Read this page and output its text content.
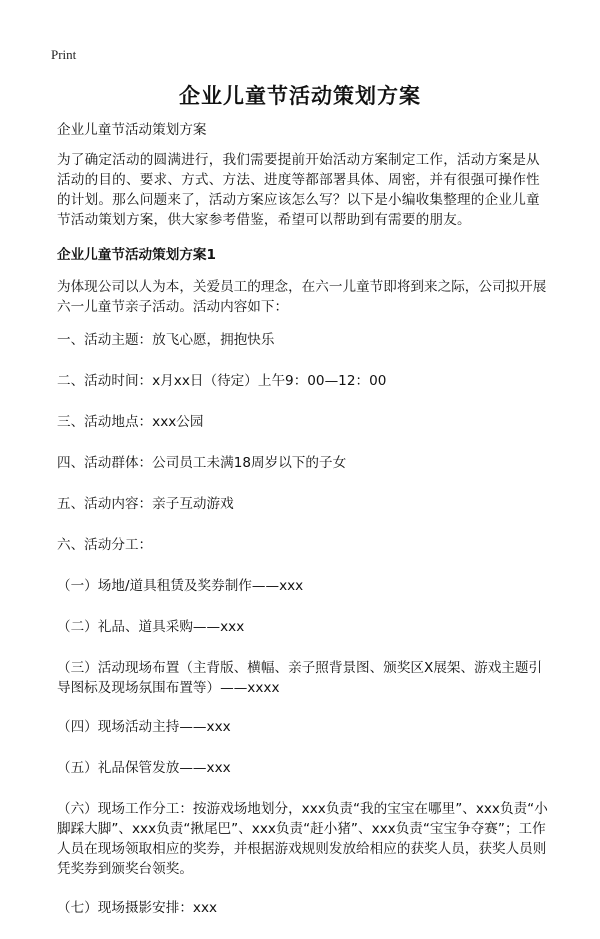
Print
企业儿童节活动策划方案

企业儿童节活动策划方案

为了确定活动的圆满进行，我们需要提前开始活动方案制定工作，活动方案是从活动的目的、要求、方式、方法、进度等都部署具体、周密，并有很强可操作性的计划。那么问题来了，活动方案应该怎么写？以下是小编收集整理的企业儿童节活动策划方案，供大家参考借鉴，希望可以帮助到有需要的朋友。

企业儿童节活动策划方案1

为体现公司以人为本，关爱员工的理念，在六一儿童节即将到来之际，公司拟开展六一儿童节亲子活动。活动内容如下：

一、活动主题：放飞心愿，拥抱快乐

二、活动时间：x月xx日（待定）上午9：00—12：00

三、活动地点：xxx公园

四、活动群体：公司员工未满18周岁以下的子女

五、活动内容：亲子互动游戏

六、活动分工：

（一）场地/道具租赁及奖券制作——xxx

（二）礼品、道具采购——xxx

（三）活动现场布置（主背版、横幅、亲子照背景图、颁奖区X展架、游戏主题引导图标及现场氛围布置等）——xxxx

（四）现场活动主持——xxx

（五）礼品保管发放——xxx

（六）现场工作分工：按游戏场地划分，xxx负责“我的宝宝在哪里”、xxx负责“小脚踩大脚”、xxx负责“揪尾巴”、xxx负责“赶小猪”、xxx负责“宝宝争夺赛”；工作人员在现场领取相应的奖券，并根据游戏规则发放给相应的获奖人员，获奖人员则凭奖券到颁奖台领奖。

（七）现场摄影安排：xxx
